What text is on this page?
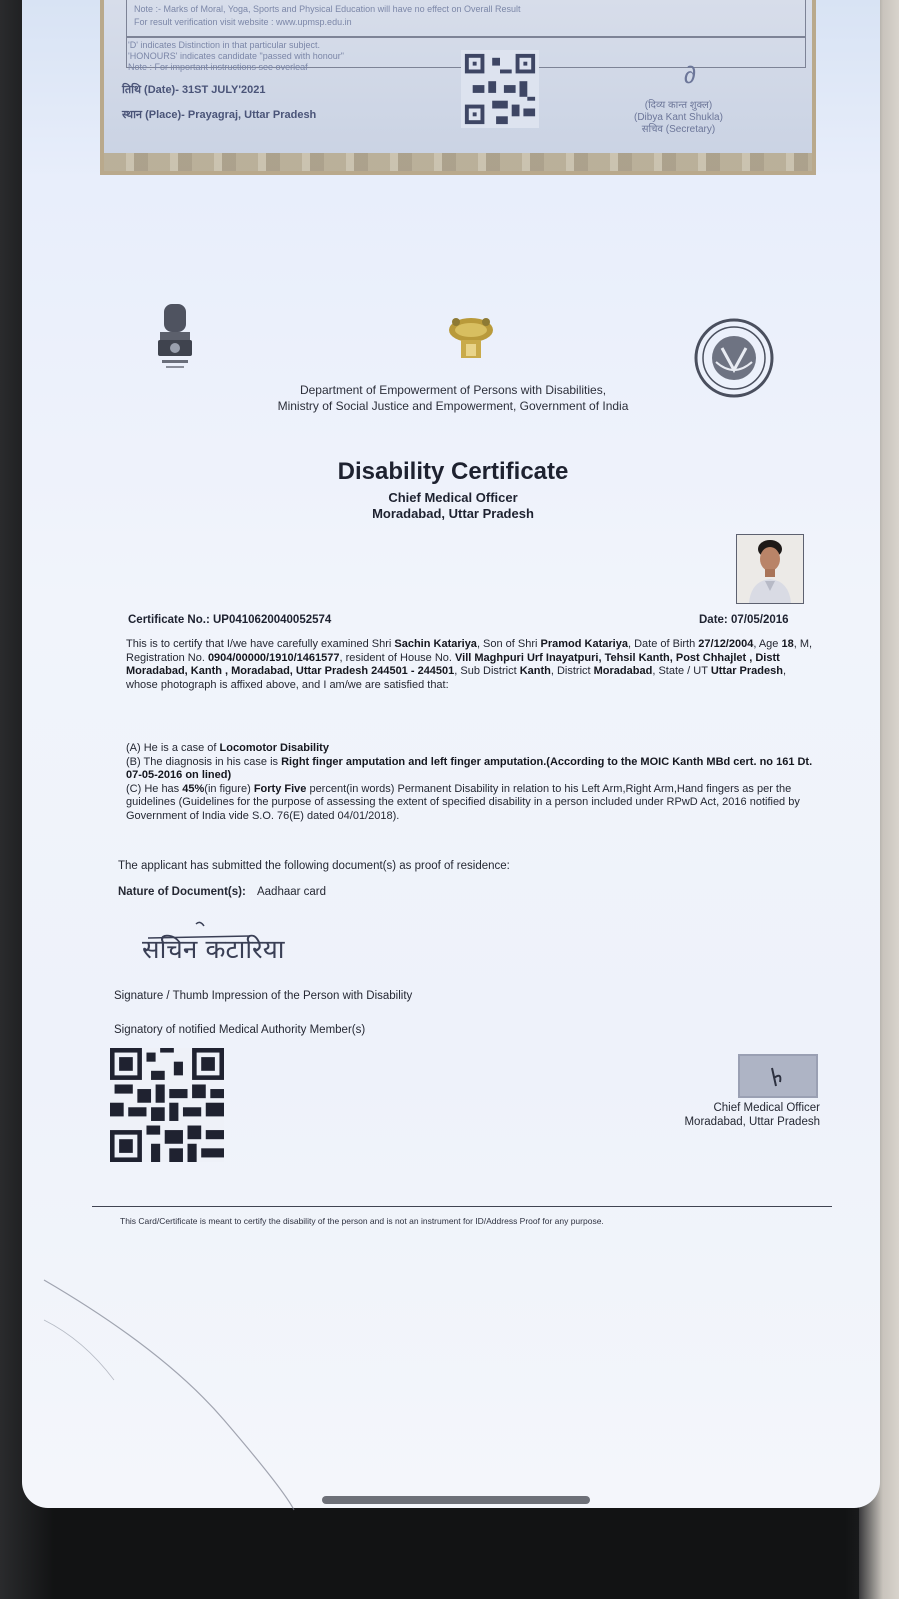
Note :- Marks of Moral, Yoga, Sports and Physical Education will have no effect on Overall Result
For result verification visit website : www.upmsp.edu.in
'D' indicates Distinction in that particular subject.
'HONOURS' indicates candidate "passed with honour"
Note : For important instructions see overleaf
तिथि (Date)- 31ST JULY'2021
स्थान (Place)- Prayagraj, Uttar Pradesh
∂
(दिव्य कान्त शुक्ल)
(Dibya Kant Shukla)
सचिव (Secretary)
Department of Empowerment of Persons with Disabilities,
Ministry of Social Justice and Empowerment, Government of India
Disability Certificate
Chief Medical Officer
Moradabad, Uttar Pradesh
Certificate No.: UP0410620040052574	Date: 07/05/2016
This is to certify that I/we have carefully examined Shri Sachin Katariya, Son of Shri Pramod Katariya, Date of Birth 27/12/2004, Age 18, M, Registration No. 0904/00000/1910/1461577, resident of House No. Vill Maghpuri Urf Inayatpuri, Tehsil Kanth, Post Chhajlet , Distt Moradabad, Kanth , Moradabad, Uttar Pradesh 244501 - 244501, Sub District Kanth, District Moradabad, State / UT Uttar Pradesh, whose photograph is affixed above, and I am/we are satisfied that:
(A) He is a case of Locomotor Disability
(B) The diagnosis in his case is Right finger amputation and left finger amputation.(According to the MOIC Kanth MBd cert. no 161 Dt. 07-05-2016 on lined)
(C) He has 45%(in figure) Forty Five percent(in words) Permanent Disability in relation to his Left Arm,Right Arm,Hand fingers as per the guidelines (Guidelines for the purpose of assessing the extent of specified disability in a person included under RPwD Act, 2016 notified by Government of India vide S.O. 76(E) dated 04/01/2018).
The applicant has submitted the following document(s) as proof of residence:
Nature of Document(s): Aadhaar card
सचिन कटारिया
Signature / Thumb Impression of the Person with Disability
Signatory of notified Medical Authority Member(s)
Chief Medical Officer
Moradabad, Uttar Pradesh
This Card/Certificate is meant to certify the disability of the person and is not an instrument for ID/Address Proof for any purpose.
